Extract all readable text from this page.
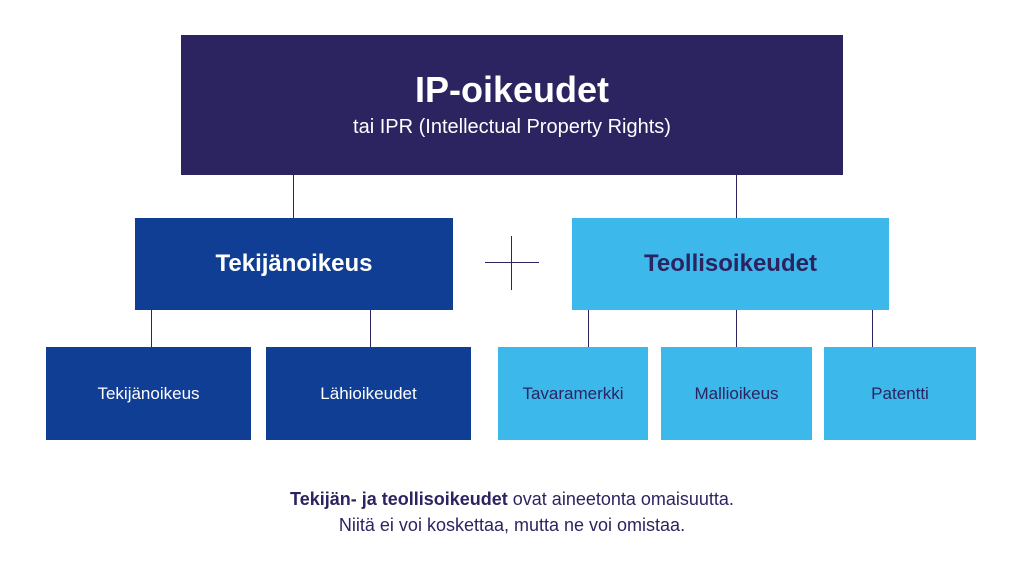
IP-oikeudet
tai IPR (Intellectual Property Rights)
Tekijänoikeus	Teollisoikeudet
Tekijänoikeus	Lähioikeudet	Tavaramerkki	Mallioikeus	Patentti
Tekijän- ja teollisoikeudet ovat aineetonta omaisuutta.
Niitä ei voi koskettaa, mutta ne voi omistaa.
